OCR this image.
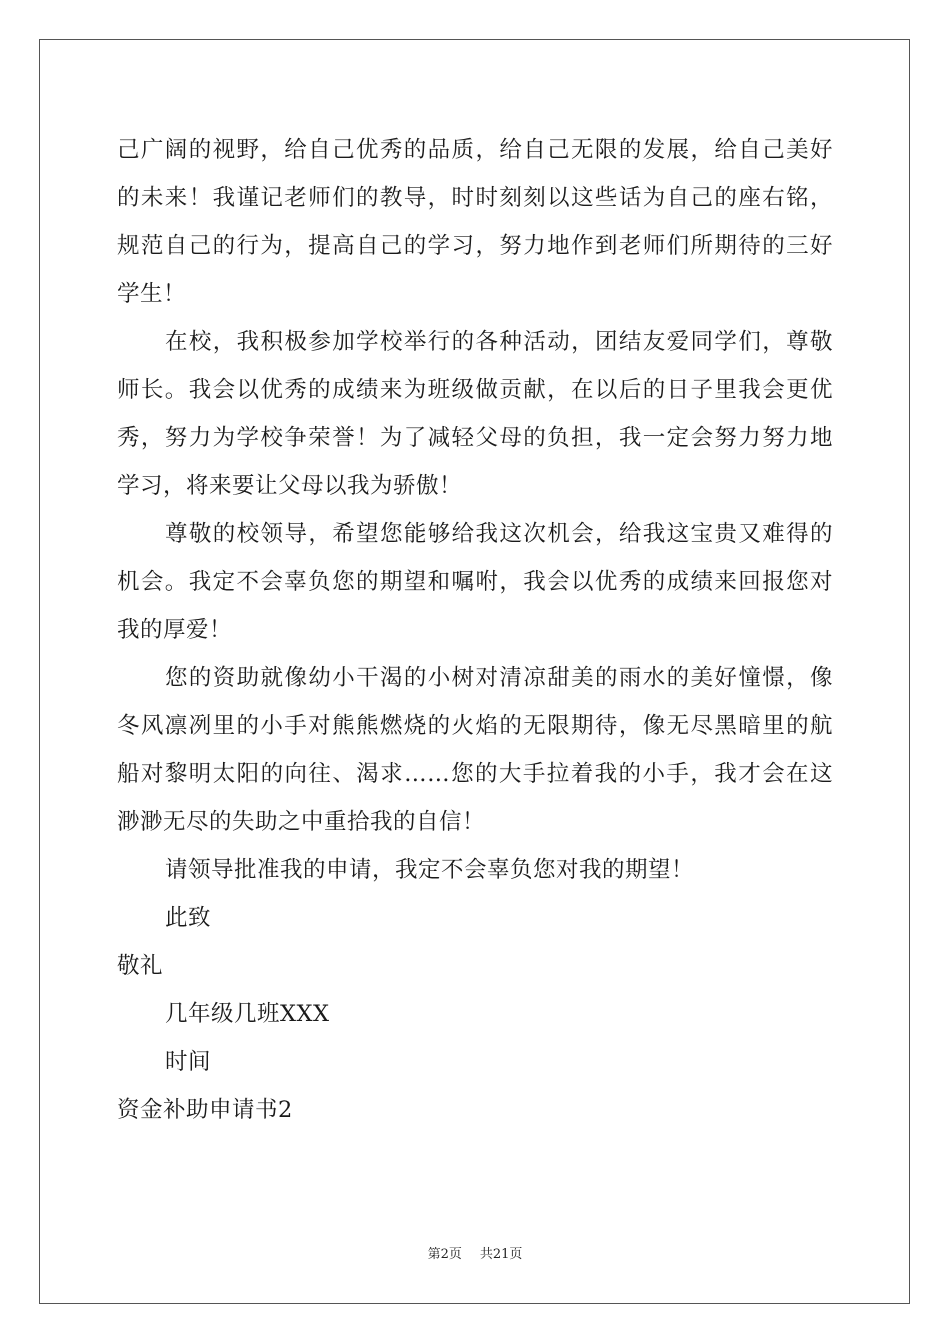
己广阔的视野，给自己优秀的品质，给自己无限的发展，给自己美好
的未来！我谨记老师们的教导，时时刻刻以这些话为自己的座右铭，
规范自己的行为，提高自己的学习，努力地作到老师们所期待的三好
学生！
在校，我积极参加学校举行的各种活动，团结友爱同学们，尊敬
师长。我会以优秀的成绩来为班级做贡献，在以后的日子里我会更优
秀，努力为学校争荣誉！为了减轻父母的负担，我一定会努力努力地
学习，将来要让父母以我为骄傲！
尊敬的校领导，希望您能够给我这次机会，给我这宝贵又难得的
机会。我定不会辜负您的期望和嘱咐，我会以优秀的成绩来回报您对
我的厚爱！
您的资助就像幼小干渴的小树对清凉甜美的雨水的美好憧憬，像
冬风凛冽里的小手对熊熊燃烧的火焰的无限期待，像无尽黑暗里的航
船对黎明太阳的向往、渴求……您的大手拉着我的小手，我才会在这
渺渺无尽的失助之中重拾我的自信！
请领导批准我的申请，我定不会辜负您对我的期望！
此致
敬礼
几年级几班XXX
时间
资金补助申请书2
第2页 共21页
